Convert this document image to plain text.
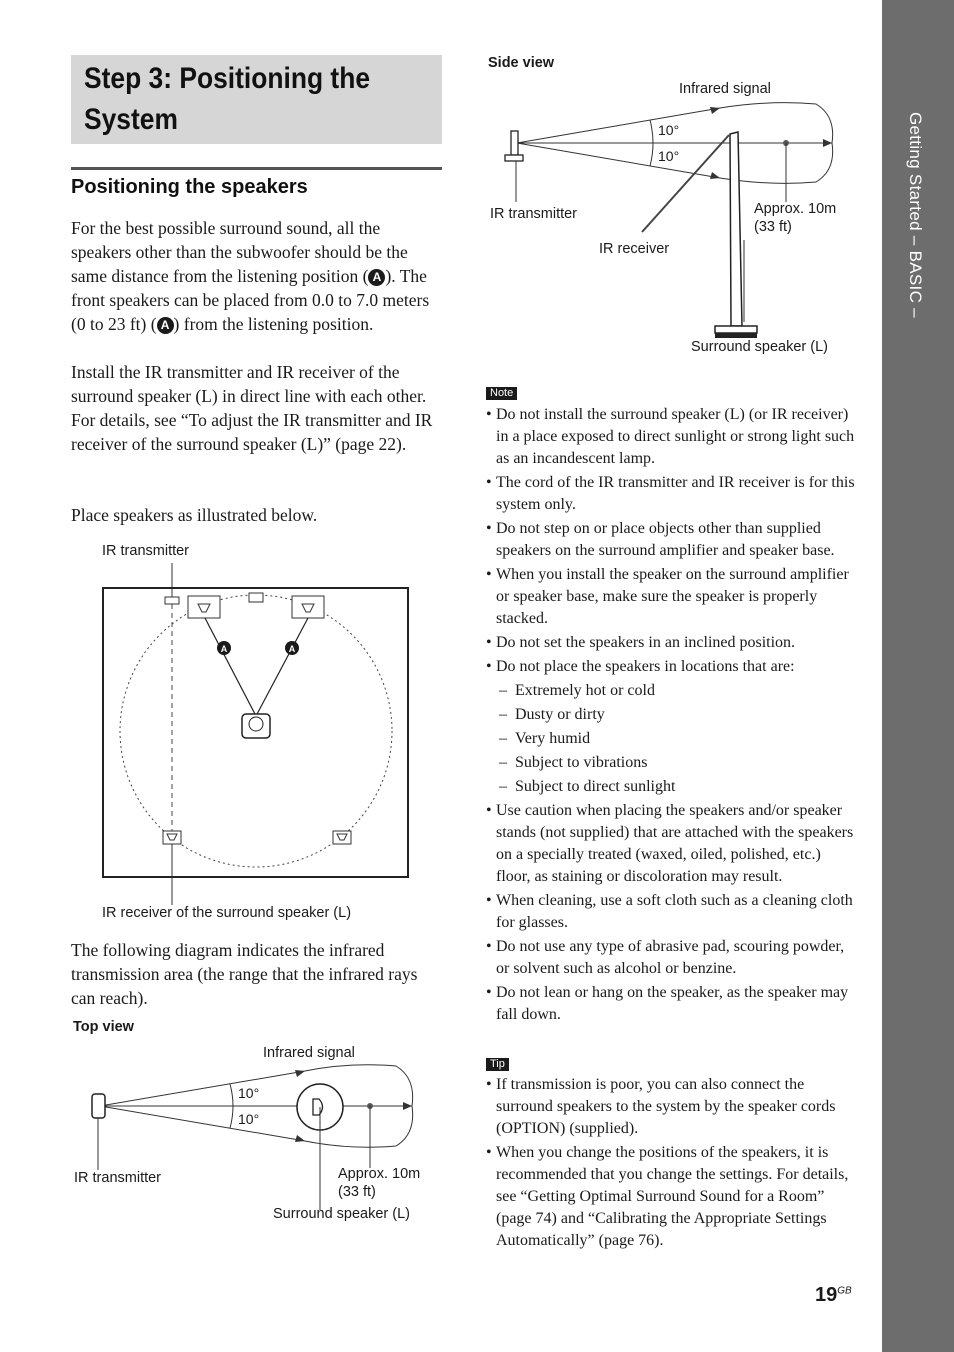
Getting Started – BASIC –
Step 3: Positioning the System
Positioning the speakers

For the best possible surround sound, all the speakers other than the subwoofer should be the same distance from the listening position ( A ). The front speakers can be placed from 0.0 to 7.0 meters (0 to 23 ft) ( A ) from the listening position.

Install the IR transmitter and IR receiver of the surround speaker (L) in direct line with each other. For details, see “To adjust the IR transmitter and IR receiver of the surround speaker (L)” (page 22).

Place speakers as illustrated below.

IR transmitter

A	A

IR receiver of the surround speaker (L)

The following diagram indicates the infrared transmission area (the range that the infrared rays can reach).

Top view

Infrared signal

10°
10°

IR transmitter	Approx. 10m
(33 ft)

Surround speaker (L)

Side view

Infrared signal

10°
10°

IR transmitter

IR receiver

Approx. 10m
(33 ft)

Surround speaker (L)

Note
• Do not install the surround speaker (L) (or IR receiver) in a place exposed to direct sunlight or strong light such as an incandescent lamp.
• The cord of the IR transmitter and IR receiver is for this system only.
• Do not step on or place objects other than supplied speakers on the surround amplifier and speaker base.
• When you install the speaker on the surround amplifier or speaker base, make sure the speaker is properly stacked.
• Do not set the speakers in an inclined position.
• Do not place the speakers in locations that are:
– Extremely hot or cold
– Dusty or dirty
– Very humid
– Subject to vibrations
– Subject to direct sunlight
• Use caution when placing the speakers and/or speaker stands (not supplied) that are attached with the speakers on a specially treated (waxed, oiled, polished, etc.) floor, as staining or discoloration may result.
• When cleaning, use a soft cloth such as a cleaning cloth for glasses.
• Do not use any type of abrasive pad, scouring powder, or solvent such as alcohol or benzine.
• Do not lean or hang on the speaker, as the speaker may fall down.
Tip
• If transmission is poor, you can also connect the surround speakers to the system by the speaker cords (OPTION) (supplied).
• When you change the positions of the speakers, it is recommended that you change the settings. For details, see “Getting Optimal Surround Sound for a Room” (page 74) and “Calibrating the Appropriate Settings Automatically” (page 76).

$19^{GB}$
